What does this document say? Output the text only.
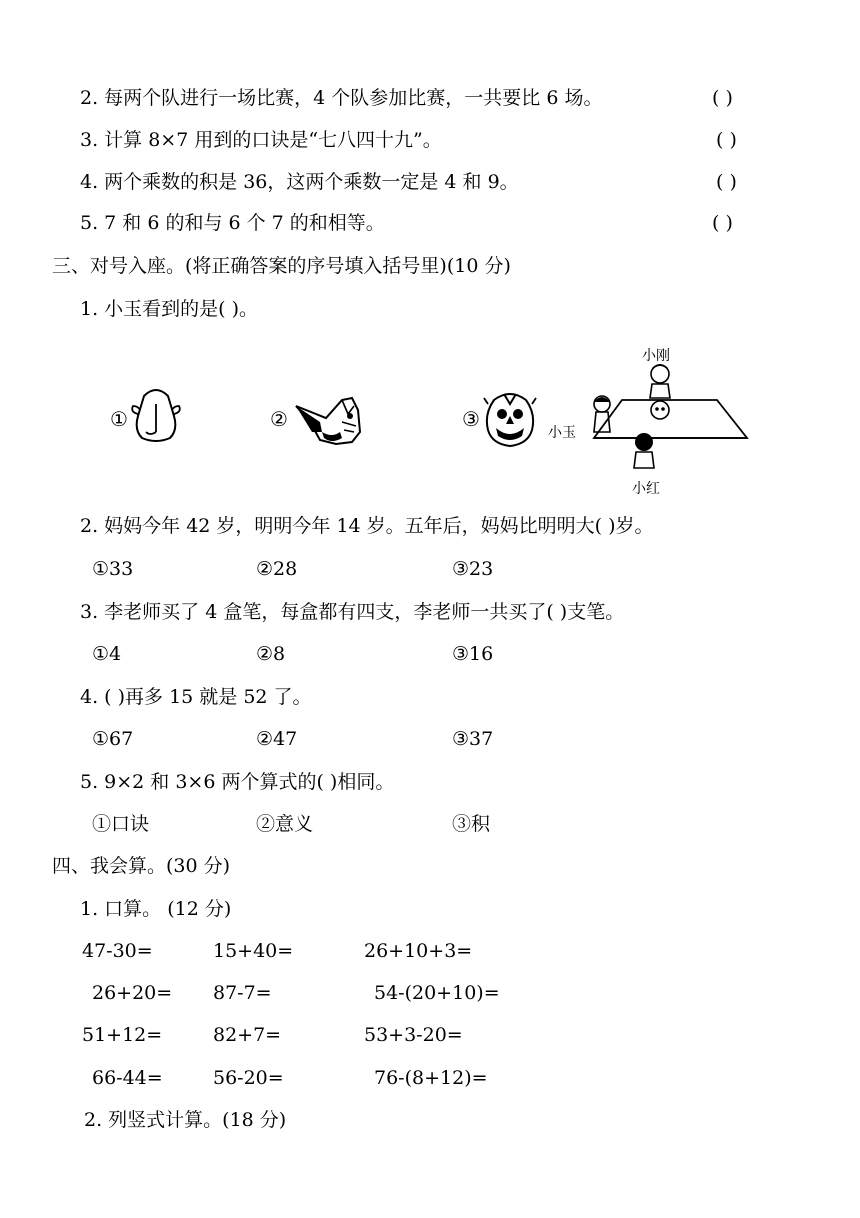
2. 每两个队进行一场比赛，4 个队参加比赛，一共要比 6 场。	( )
3. 计算 8×7 用到的口诀是“七八四十九”。	( )
4. 两个乘数的积是 36，这两个乘数一定是 4 和 9。	( )
5. 7 和 6 的和与 6 个 7 的和相等。	( )
三、对号入座。(将正确答案的序号填入括号里)(10 分)
1. 小玉看到的是( )。
①	②	③
小刚
小玉
小红
2. 妈妈今年 42 岁，明明今年 14 岁。五年后，妈妈比明明大( )岁。
①33	②28	③23
3. 李老师买了 4 盒笔，每盒都有四支，李老师一共买了( )支笔。
①4	②8	③16
4. ( )再多 15 就是 52 了。
①67	②47	③37
5. 9×2 和 3×6 两个算式的( )相同。
①口诀	②意义	③积
四、我会算。(30 分)
1. 口算。 (12 分)
47-30=	15+40=	26+10+3=
26+20= 87-7=	54-(20+10)=
51+12=	82+7=	53+3-20=
66-44=	56-20=	76-(8+12)=
2. 列竖式计算。(18 分)
